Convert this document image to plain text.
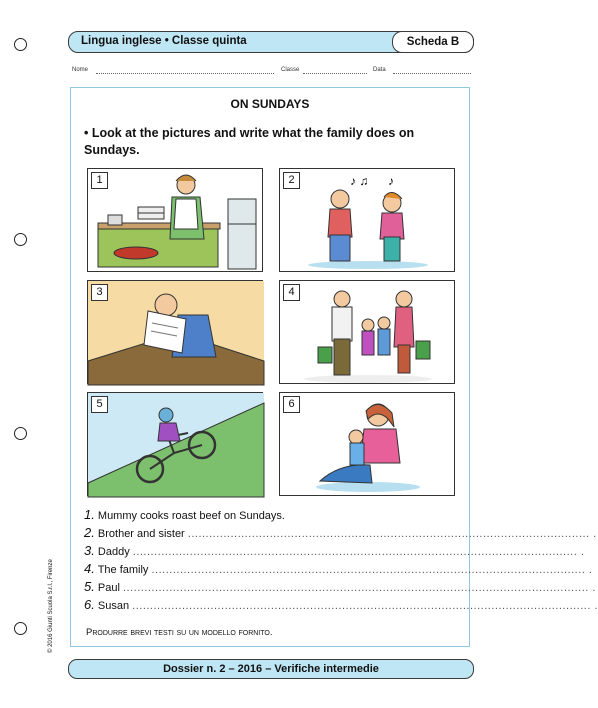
Lingua inglese • Classe quinta	Scheda B
Nome	Classe	Data
ON SUNDAYS
• Look at the pictures and write what the family does on Sundays.
1	2	♪ ♫ ♪
3	4
5	6
1. Mummy cooks roast beef on Sundays.
2. Brother and sister ................................................................................................................. .
3. Daddy ............................................................................................................................. .
4. The family .......................................................................................................................... .
5. Paul ................................................................................................................................... .
6. Susan ................................................................................................................................. .
Produrre brevi testi su un modello fornito.
Dossier n. 2 – 2016 – Verifiche intermedie
© 2016 Giunti Scuola S.r.l., Firenze
